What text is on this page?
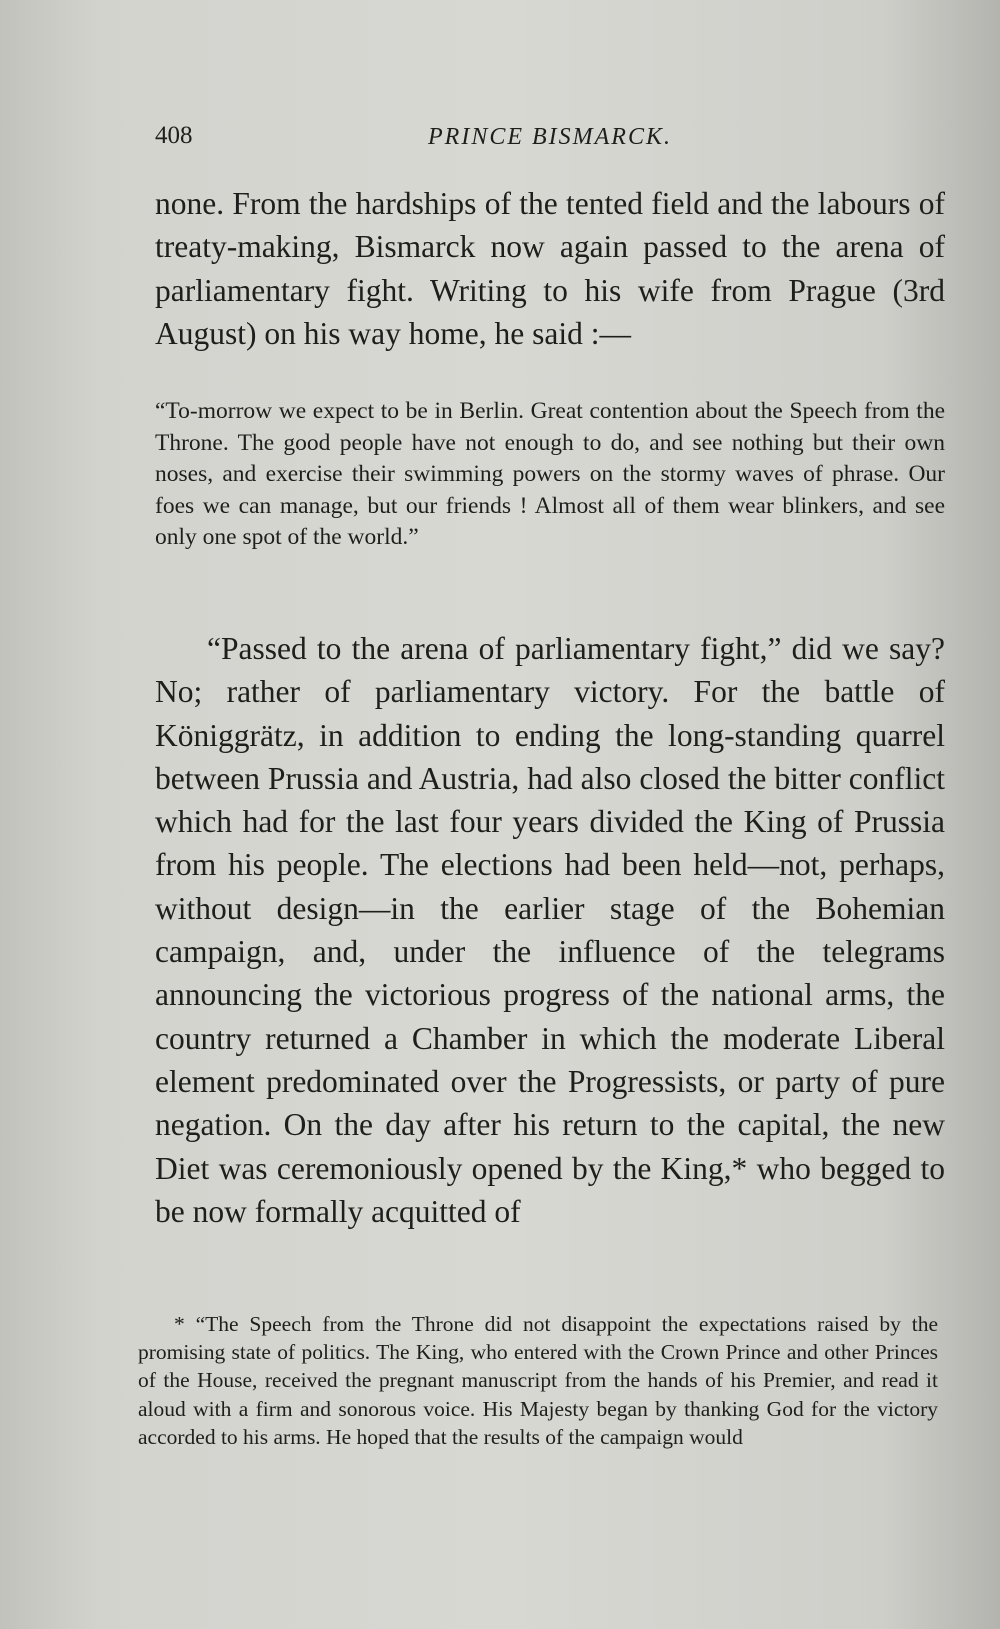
408	PRINCE BISMARCK.

none. From the hardships of the tented field and the labours of treaty-making, Bismarck now again passed to the arena of parliamentary fight. Writing to his wife from Prague (3rd August) on his way home, he said :—

“To-morrow we expect to be in Berlin. Great contention about the Speech from the Throne. The good people have not enough to do, and see nothing but their own noses, and exercise their swimming powers on the stormy waves of phrase. Our foes we can manage, but our friends ! Almost all of them wear blinkers, and see only one spot of the world.”

“Passed to the arena of parliamentary fight,” did we say? No; rather of parliamentary victory. For the battle of Königgrätz, in addition to ending the long-standing quarrel between Prussia and Austria, had also closed the bitter conflict which had for the last four years divided the King of Prussia from his people. The elections had been held—not, perhaps, without design—in the earlier stage of the Bohemian campaign, and, under the influence of the telegrams announcing the victorious progress of the national arms, the country returned a Chamber in which the moderate Liberal element predominated over the Progressists, or party of pure negation. On the day after his return to the capital, the new Diet was ceremoniously opened by the King,* who begged to be now formally acquitted of

* “The Speech from the Throne did not disappoint the expectations raised by the promising state of politics. The King, who entered with the Crown Prince and other Princes of the House, received the pregnant manuscript from the hands of his Premier, and read it aloud with a firm and sonorous voice. His Majesty began by thanking God for the victory accorded to his arms. He hoped that the results of the campaign would
